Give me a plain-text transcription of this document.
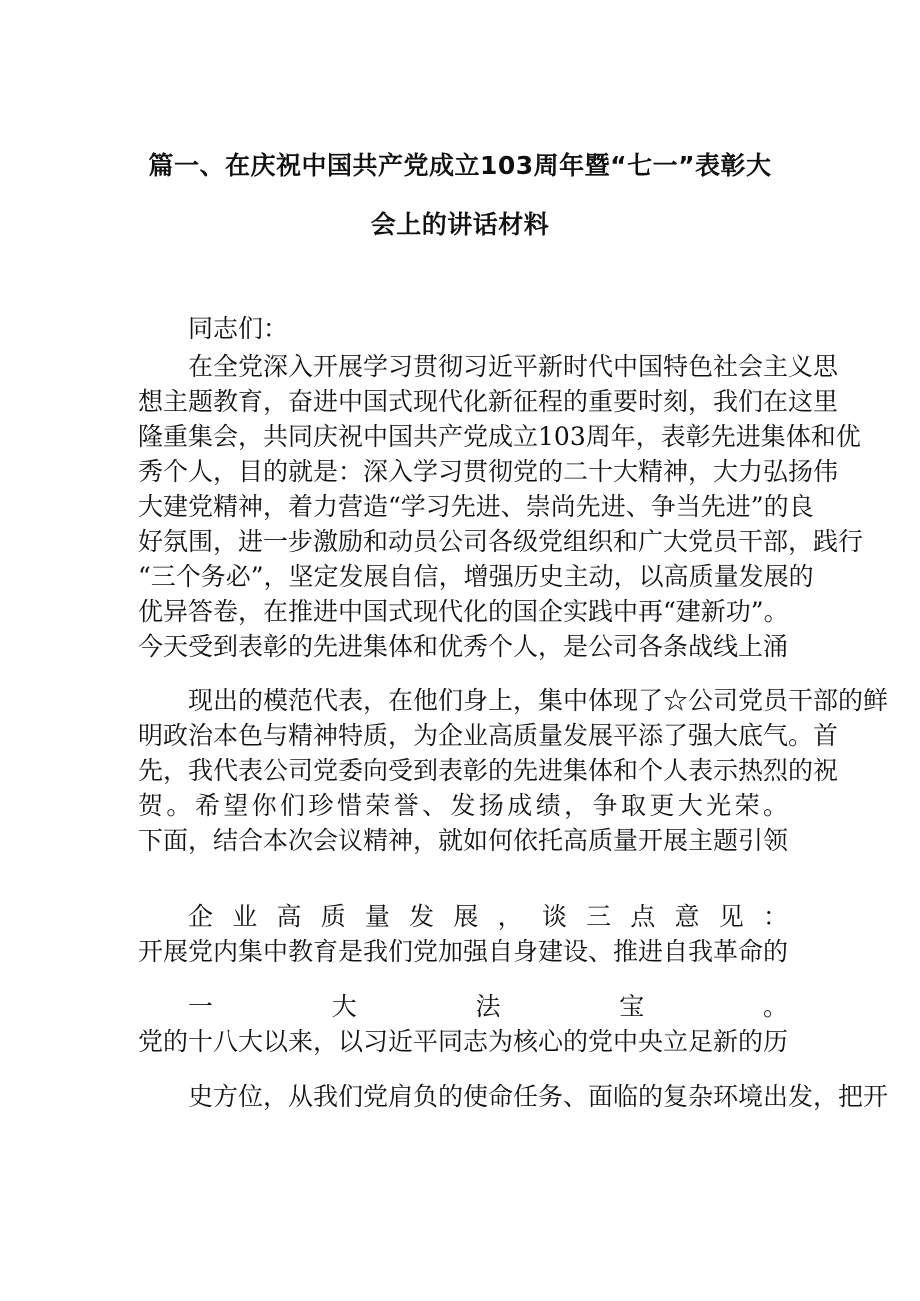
篇一、在庆祝中国共产党成立103周年暨“七一”表彰大
会上的讲话材料
同志们：
在全党深入开展学习贯彻习近平新时代中国特色社会主义思
想主题教育，奋进中国式现代化新征程的重要时刻，我们在这里
隆重集会，共同庆祝中国共产党成立103周年，表彰先进集体和优
秀个人，目的就是：深入学习贯彻党的二十大精神，大力弘扬伟
大建党精神，着力营造“学习先进、崇尚先进、争当先进”的良
好氛围，进一步激励和动员公司各级党组织和广大党员干部，践行
“三个务必”，坚定发展自信，增强历史主动，以高质量发展的
优异答卷，在推进中国式现代化的国企实践中再“建新功”。
今天受到表彰的先进集体和优秀个人，是公司各条战线上涌
现出的模范代表，在他们身上，集中体现了☆公司党员干部的鲜
明政治本色与精神特质，为企业高质量发展平添了强大底气。首
先，我代表公司党委向受到表彰的先进集体和个人表示热烈的祝
贺。希望你们珍惜荣誉、发扬成绩，争取更大光荣。
下面，结合本次会议精神，就如何依托高质量开展主题引领
企业高质量发展，谈三点意见：
开展党内集中教育是我们党加强自身建设、推进自我革命的
一大法宝。
党的十八大以来，以习近平同志为核心的党中央立足新的历
史方位，从我们党肩负的使命任务、面临的复杂环境出发，把开
